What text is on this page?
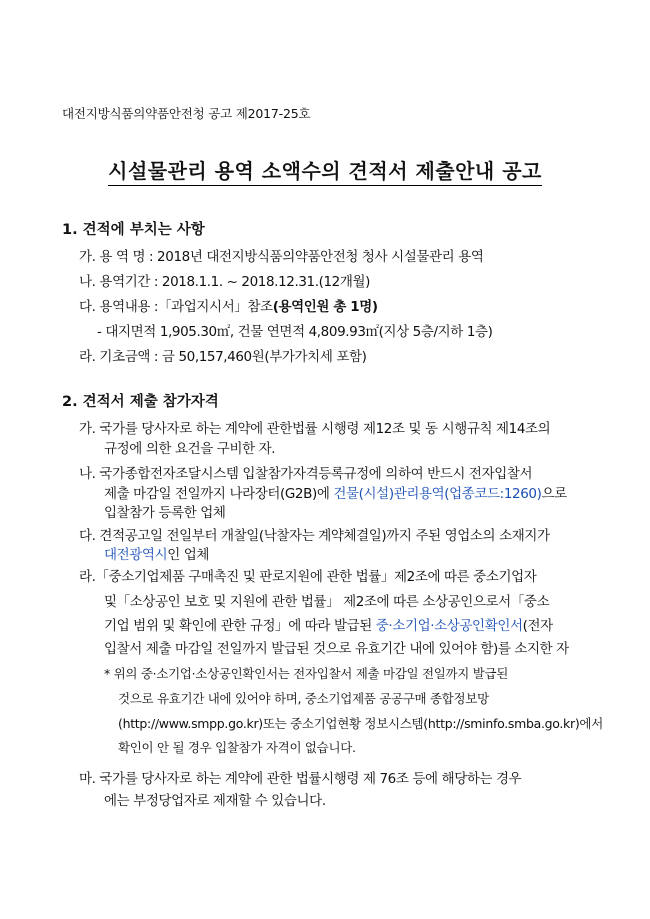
대전지방식품의약품안전청 공고 제2017-25호
시설물관리 용역 소액수의 견적서 제출안내 공고
1. 견적에 부치는 사항
가. 용 역 명 : 2018년 대전지방식품의약품안전청 청사 시설물관리 용역
나. 용역기간 : 2018.1.1. ~ 2018.12.31.(12개월)
다. 용역내용 :「과업지시서」참조(용역인원 총 1명)
- 대지면적 1,905.30㎡, 건물 연면적 4,809.93㎡(지상 5층/지하 1층)
라. 기초금액 : 금 50,157,460원(부가가치세 포함)
2. 견적서 제출 참가자격
가. 국가를 당사자로 하는 계약에 관한법률 시행령 제12조 및 동 시행규칙 제14조의
규정에 의한 요건을 구비한 자.
나. 국가종합전자조달시스템 입찰참가자격등록규정에 의하여 반드시 전자입찰서
제출 마감일 전일까지 나라장터(G2B)에 건물(시설)관리용역(업종코드:1260)으로
입찰참가 등록한 업체
다. 견적공고일 전일부터 개찰일(낙찰자는 계약체결일)까지 주된 영업소의 소재지가
대전광역시인 업체
라.「중소기업제품 구매촉진 및 판로지원에 관한 법률」제2조에 따른 중소기업자
및「소상공인 보호 및 지원에 관한 법률」 제2조에 따른 소상공인으로서「중소
기업 범위 및 확인에 관한 규정」에 따라 발급된 중·소기업·소상공인확인서(전자
입찰서 제출 마감일 전일까지 발급된 것으로 유효기간 내에 있어야 함)를 소지한 자
* 위의 중·소기업·소상공인확인서는 전자입찰서 제출 마감일 전일까지 발급된
것으로 유효기간 내에 있어야 하며, 중소기업제품 공공구매 종합정보망
(http://www.smpp.go.kr)또는 중소기업현황 정보시스템(http://sminfo.smba.go.kr)에서
확인이 안 될 경우 입찰참가 자격이 없습니다.
마. 국가를 당사자로 하는 계약에 관한 법률시행령 제 76조 등에 해당하는 경우
에는 부정당업자로 제재할 수 있습니다.
